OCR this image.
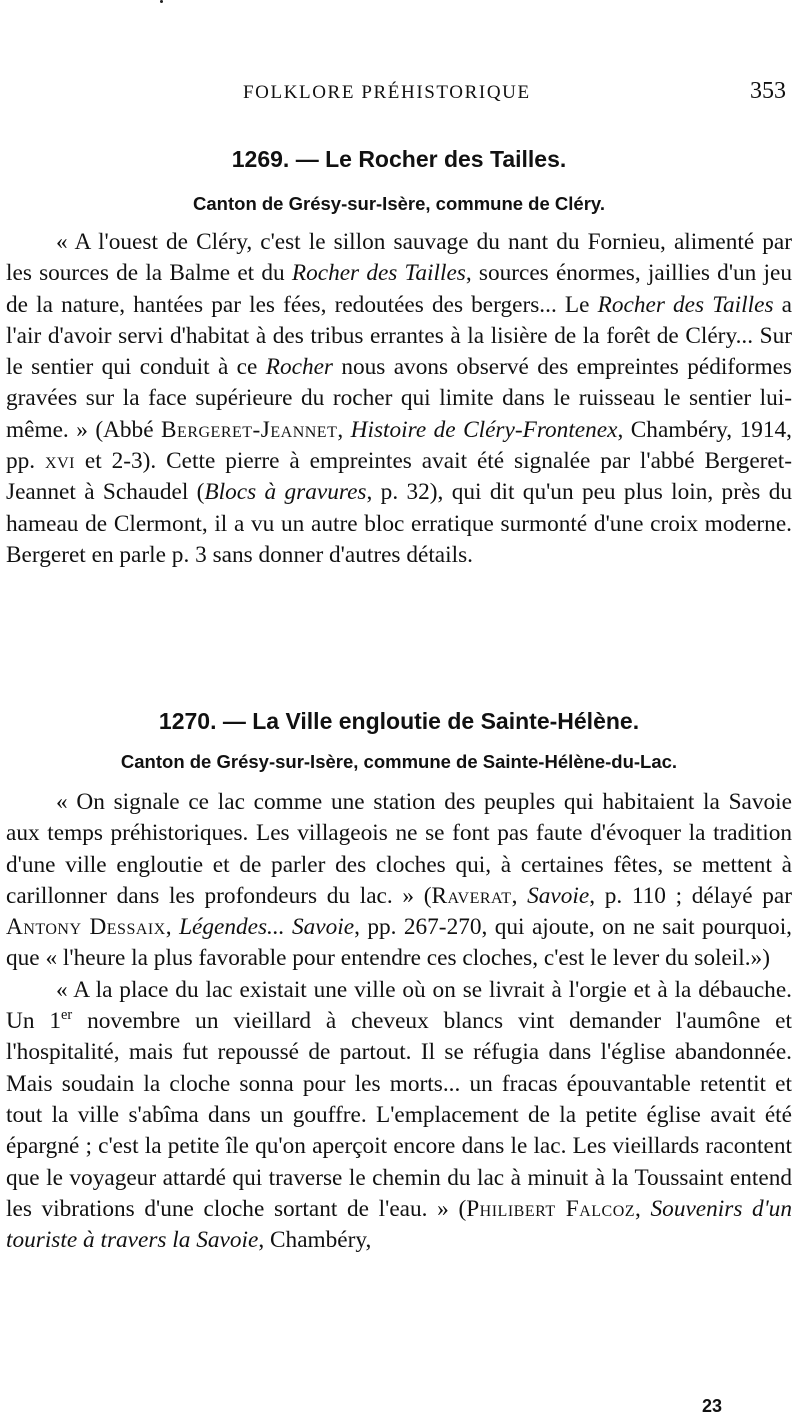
FOLKLORE PRÉHISTORIQUE	353
1269. — Le Rocher des Tailles.
Canton de Grésy-sur-Isère, commune de Cléry.

« A l'ouest de Cléry, c'est le sillon sauvage du nant du Fornieu, alimenté par les sources de la Balme et du Rocher des Tailles, sources énormes, jaillies d'un jeu de la nature, hantées par les fées, redoutées des bergers... Le Rocher des Tailles a l'air d'avoir servi d'habitat à des tribus errantes à la lisière de la forêt de Cléry... Sur le sentier qui conduit à ce Rocher nous avons observé des empreintes pédiformes gravées sur la face supérieure du rocher qui limite dans le ruisseau le sentier lui-même. » (Abbé Bergeret-Jeannet, Histoire de Cléry-Frontenex, Chambéry, 1914, pp. xvi et 2-3). Cette pierre à empreintes avait été signalée par l'abbé Bergeret-Jeannet à Schaudel (Blocs à gravures, p. 32), qui dit qu'un peu plus loin, près du hameau de Clermont, il a vu un autre bloc erratique surmonté d'une croix moderne. Bergeret en parle p. 3 sans donner d'autres détails.

1270. — La Ville engloutie de Sainte-Hélène.
Canton de Grésy-sur-Isère, commune de Sainte-Hélène-du-Lac.

« On signale ce lac comme une station des peuples qui habitaient la Savoie aux temps préhistoriques. Les villageois ne se font pas faute d'évoquer la tradition d'une ville engloutie et de parler des cloches qui, à certaines fêtes, se mettent à carillonner dans les profondeurs du lac. » (Raverat, Savoie, p. 110 ; délayé par Antony Dessaix, Légendes... Savoie, pp. 267-270, qui ajoute, on ne sait pourquoi, que « l'heure la plus favorable pour entendre ces cloches, c'est le lever du soleil.»)

« A la place du lac existait une ville où on se livrait à l'orgie et à la débauche. Un 1er novembre un vieillard à cheveux blancs vint demander l'aumône et l'hospitalité, mais fut repoussé de partout. Il se réfugia dans l'église abandonnée. Mais soudain la cloche sonna pour les morts... un fracas épouvantable retentit et tout la ville s'abîma dans un gouffre. L'emplacement de la petite église avait été épargné ; c'est la petite île qu'on aperçoit encore dans le lac. Les vieillards racontent que le voyageur attardé qui traverse le chemin du lac à minuit à la Toussaint entend les vibrations d'une cloche sortant de l'eau. » (Philibert Falcoz, Souvenirs d'un touriste à travers la Savoie, Chambéry,

23
